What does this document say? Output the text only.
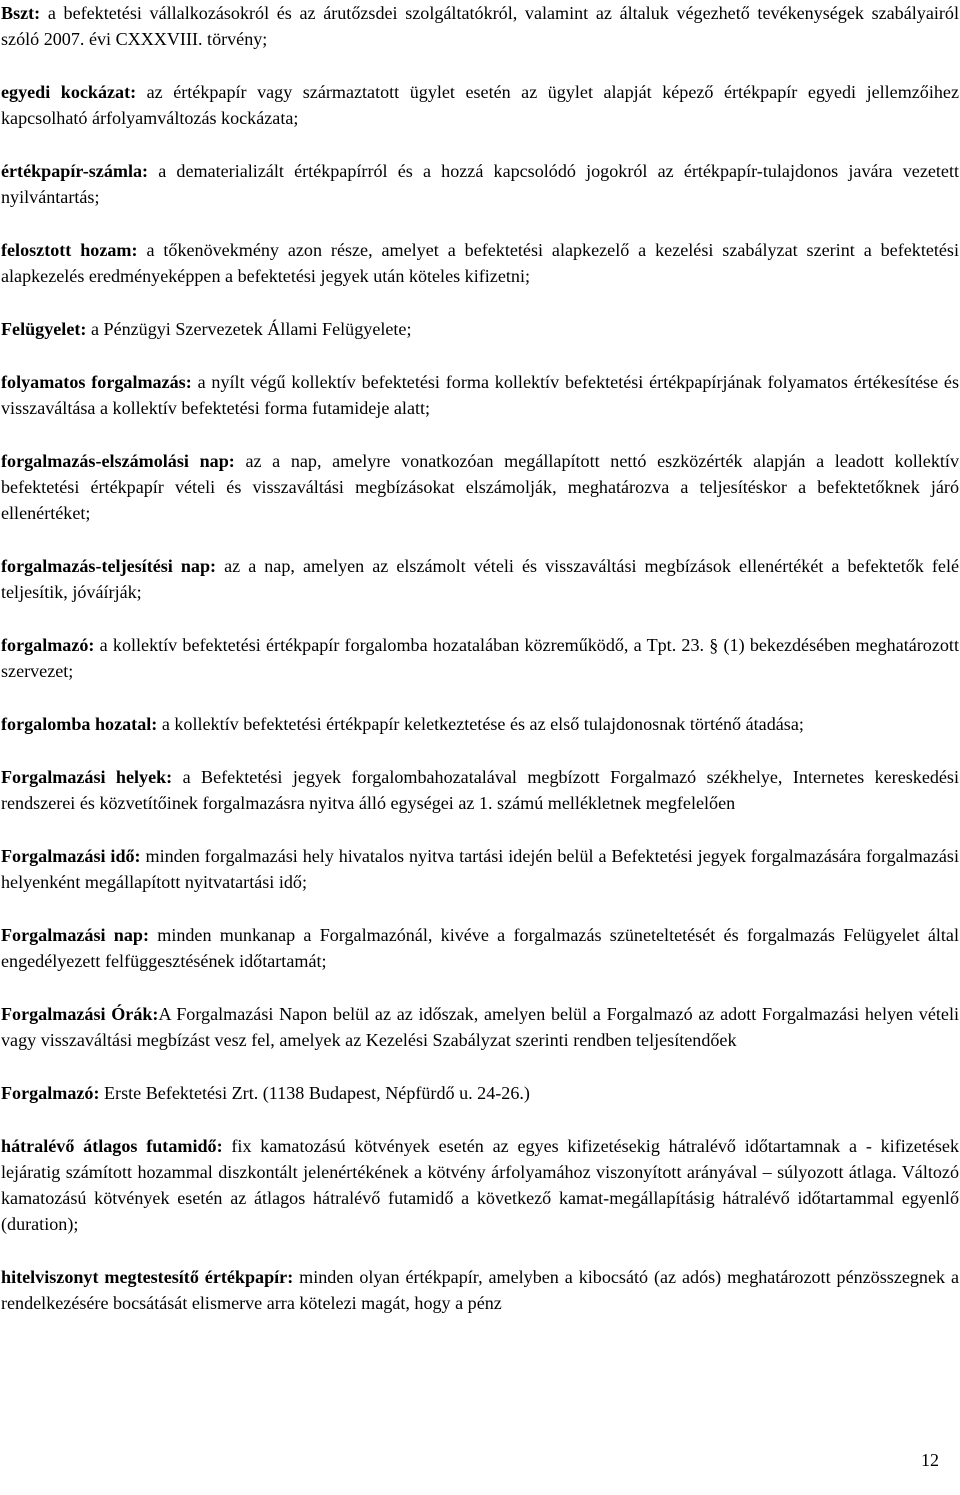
Bszt: a befektetési vállalkozásokról és az árutőzsdei szolgáltatókról, valamint az általuk végezhető tevékenységek szabályairól szóló 2007. évi CXXXVIII. törvény;

egyedi kockázat: az értékpapír vagy származtatott ügylet esetén az ügylet alapját képező értékpapír egyedi jellemzőihez kapcsolható árfolyamváltozás kockázata;

értékpapír-számla: a dematerializált értékpapírról és a hozzá kapcsolódó jogokról az értékpapír-tulajdonos javára vezetett nyilvántartás;

felosztott hozam: a tőkenövekmény azon része, amelyet a befektetési alapkezelő a kezelési szabályzat szerint a befektetési alapkezelés eredményeképpen a befektetési jegyek után köteles kifizetni;

Felügyelet: a Pénzügyi Szervezetek Állami Felügyelete;

folyamatos forgalmazás: a nyílt végű kollektív befektetési forma kollektív befektetési értékpapírjának folyamatos értékesítése és visszaváltása a kollektív befektetési forma futamideje alatt;

forgalmazás-elszámolási nap: az a nap, amelyre vonatkozóan megállapított nettó eszközérték alapján a leadott kollektív befektetési értékpapír vételi és visszaváltási megbízásokat elszámolják, meghatározva a teljesítéskor a befektetőknek járó ellenértéket;

forgalmazás-teljesítési nap: az a nap, amelyen az elszámolt vételi és visszaváltási megbízások ellenértékét a befektetők felé teljesítik, jóváírják;

forgalmazó: a kollektív befektetési értékpapír forgalomba hozatalában közreműködő, a Tpt. 23. § (1) bekezdésében meghatározott szervezet;

forgalomba hozatal: a kollektív befektetési értékpapír keletkeztetése és az első tulajdonosnak történő átadása;

Forgalmazási helyek: a Befektetési jegyek forgalombahozatalával megbízott Forgalmazó székhelye, Internetes kereskedési rendszerei és közvetítőinek forgalmazásra nyitva álló egységei az 1. számú mellékletnek megfelelően

Forgalmazási idő: minden forgalmazási hely hivatalos nyitva tartási idején belül a Befektetési jegyek forgalmazására forgalmazási helyenként megállapított nyitvatartási idő;

Forgalmazási nap: minden munkanap a Forgalmazónál, kivéve a forgalmazás szüneteltetését és forgalmazás Felügyelet által engedélyezett felfüggesztésének időtartamát;

Forgalmazási Órák:A Forgalmazási Napon belül az az időszak, amelyen belül a Forgalmazó az adott Forgalmazási helyen vételi vagy visszaváltási megbízást vesz fel, amelyek az Kezelési Szabályzat szerinti rendben teljesítendőek

Forgalmazó: Erste Befektetési Zrt. (1138 Budapest, Népfürdő u. 24-26.)

hátralévő átlagos futamidő: fix kamatozású kötvények esetén az egyes kifizetésekig hátralévő időtartamnak a - kifizetések lejáratig számított hozammal diszkontált jelenértékének a kötvény árfolyamához viszonyított arányával – súlyozott átlaga. Változó kamatozású kötvények esetén az átlagos hátralévő futamidő a következő kamat-megállapításig hátralévő időtartammal egyenlő (duration);

hitelviszonyt megtestesítő értékpapír: minden olyan értékpapír, amelyben a kibocsátó (az adós) meghatározott pénzösszegnek a rendelkezésére bocsátását elismerve arra kötelezi magát, hogy a pénz

12
